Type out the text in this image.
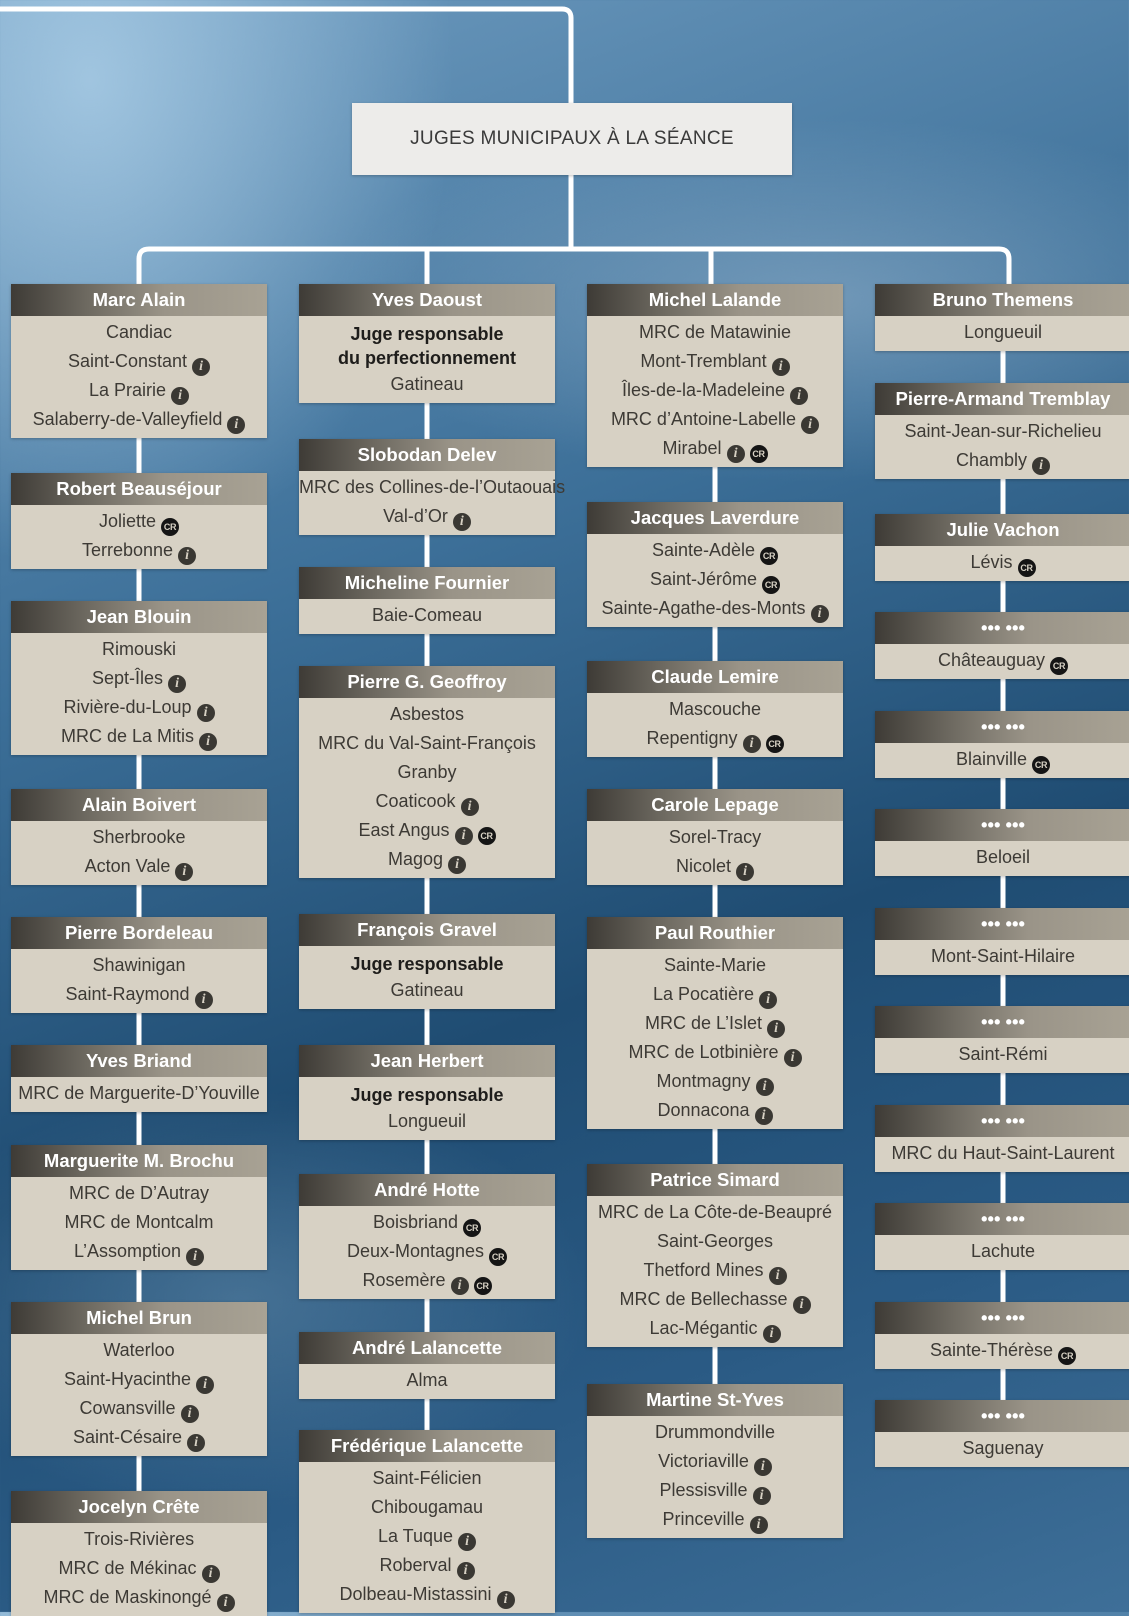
JUGES MUNICIPAUX À LA SÉANCE
Marc Alain
Candiac
Saint-Constant i
La Prairie i
Salaberry-de-Valleyfield i
Robert Beauséjour
Joliette CR
Terrebonne i
Jean Blouin
Rimouski
Sept-Îles i
Rivière-du-Loup i
MRC de La Mitis i
Alain Boivert
Sherbrooke
Acton Vale i
Pierre Bordeleau
Shawinigan
Saint-Raymond i
Yves Briand
MRC de Marguerite-D’Youville
Marguerite M. Brochu
MRC de D’Autray
MRC de Montcalm
L’Assomption i
Michel Brun
Waterloo
Saint-Hyacinthe i
Cowansville i
Saint-Césaire i
Jocelyn Crête
Trois-Rivières
MRC de Mékinac i
MRC de Maskinongé i
Yves Daoust
Juge responsable
du perfectionnement
Gatineau
Slobodan Delev
MRC des Collines-de-l’Outaouais
Val-d’Or i
Micheline Fournier
Baie-Comeau
Pierre G. Geoffroy
Asbestos
MRC du Val-Saint-François
Granby
Coaticook i
East Angus i CR
Magog i
François Gravel
Juge responsable
Gatineau
Jean Herbert
Juge responsable
Longueuil
André Hotte
Boisbriand CR
Deux-Montagnes CR
Rosemère i CR
André Lalancette
Alma
Frédérique Lalancette
Saint-Félicien
Chibougamau
La Tuque i
Roberval i
Dolbeau-Mistassini i
Michel Lalande
MRC de Matawinie
Mont-Tremblant i
Îles-de-la-Madeleine i
MRC d’Antoine-Labelle i
Mirabel i CR
Jacques Laverdure
Sainte-Adèle CR
Saint-Jérôme CR
Sainte-Agathe-des-Monts i
Claude Lemire
Mascouche
Repentigny i CR
Carole Lepage
Sorel-Tracy
Nicolet i
Paul Routhier
Sainte-Marie
La Pocatière i
MRC de L’Islet i
MRC de Lotbinière i
Montmagny i
Donnacona i
Patrice Simard
MRC de La Côte-de-Beaupré
Saint-Georges
Thetford Mines i
MRC de Bellechasse i
Lac-Mégantic i
Martine St-Yves
Drummondville
Victoriaville i
Plessisville i
Princeville i
Bruno Themens
Longueuil
Pierre-Armand Tremblay
Saint-Jean-sur-Richelieu
Chambly i
Julie Vachon
Lévis CR
••• •••
Châteauguay CR
••• •••
Blainville CR
••• •••
Beloeil
••• •••
Mont-Saint-Hilaire
••• •••
Saint-Rémi
••• •••
MRC du Haut-Saint-Laurent
••• •••
Lachute
••• •••
Sainte-Thérèse CR
••• •••
Saguenay
